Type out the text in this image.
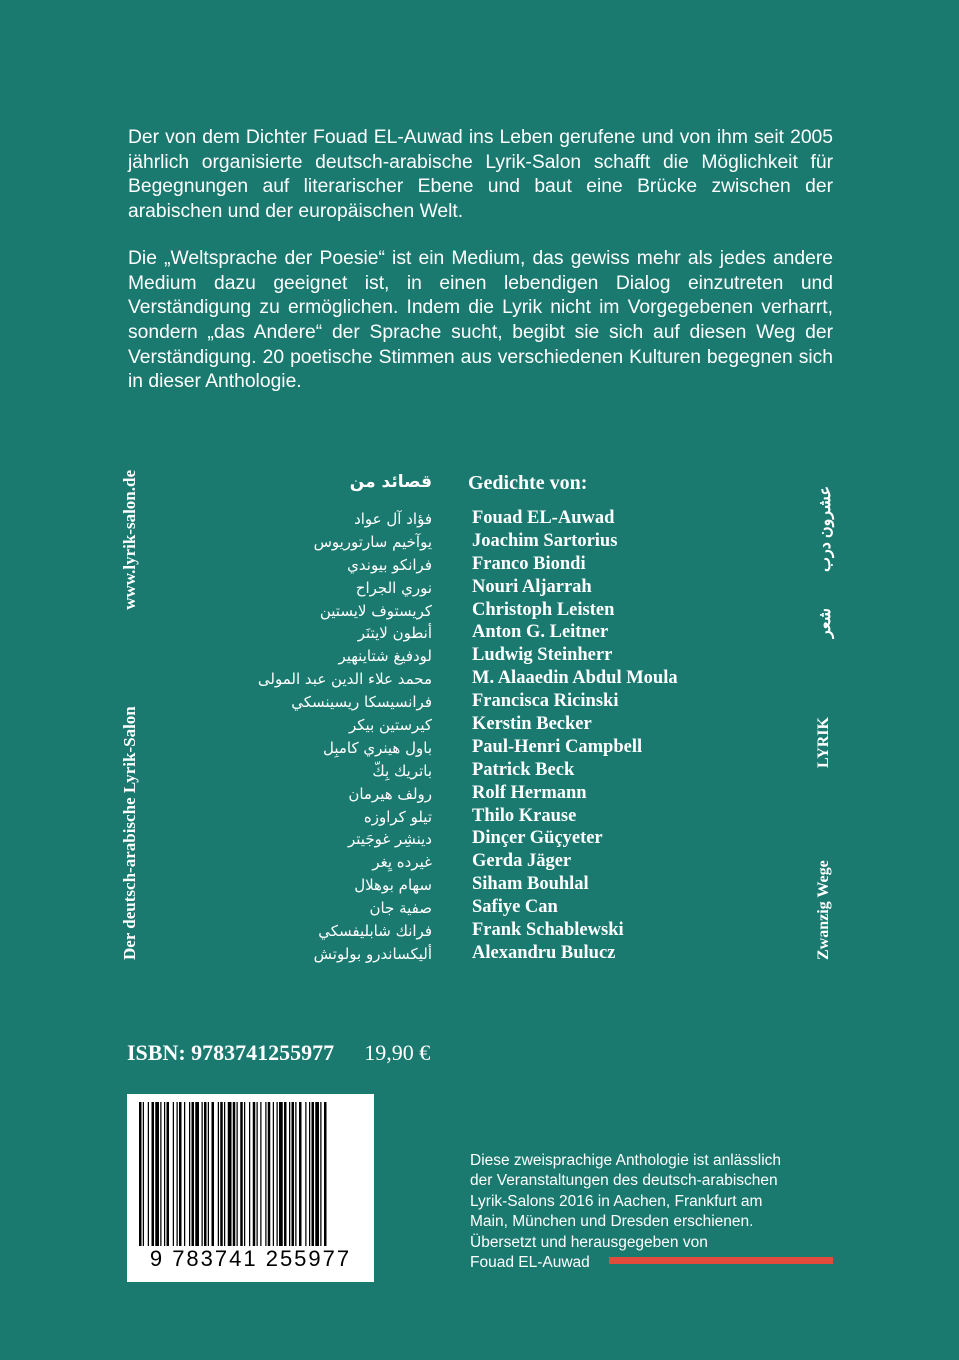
Der von dem Dichter Fouad EL-Auwad ins Leben gerufene und von ihm seit 2005 jährlich organisierte deutsch-arabische Lyrik-Salon schafft die Möglichkeit für Begegnungen auf literarischer Ebene und baut eine Brücke zwischen der arabischen und der europäischen Welt.

Die „Weltsprache der Poesie“ ist ein Medium, das gewiss mehr als jedes andere Medium dazu geeignet ist, in einen lebendigen Dialog einzutreten und Verständigung zu ermöglichen. Indem die Lyrik nicht im Vorgegebenen verharrt, sondern „das Andere“ der Sprache sucht, begibt sie sich auf diesen Weg der Verständigung. 20 poetische Stimmen aus verschiedenen Kulturen begegnen sich in dieser Anthologie.

Der deutsch-arabische Lyrik-Salon
www.lyrik-salon.de
Zwanzig Wege
LYRIK
شعر
عشرون درب
قصائد من
فؤاد آل عواد
يوآخيم سارتوريوس
فرانكو بيوندي
نوري الجراح
كريستوف لايستين
أنطون لايتنَر
لودفيغ شتاينهير
محمد علاء الدين عبد المولى
فرانسيسكا ريسينسكي
كيرستين بيكر
باول هينري كامبِل
باتريك بِكّ
رولف هيرمان
تيلو كراوزه
دينشِر غوجَيتر
غيرده يِغر
سهام بوهلال
صفية جان
فرانك شابليفسكي
أليكساندرو بولوتش
Gedichte von:
Fouad EL-Auwad
Joachim Sartorius
Franco Biondi
Nouri Aljarrah
Christoph Leisten
Anton G. Leitner
Ludwig Steinherr
M. Alaaedin Abdul Moula
Francisca Ricinski
Kerstin Becker
Paul-Henri Campbell
Patrick Beck
Rolf Hermann
Thilo Krause
Dinçer Güçyeter
Gerda Jäger
Siham Bouhlal
Safiye Can
Frank Schablewski
Alexandru Bulucz
ISBN: 9783741255977 19,90 €
9 783741 255977
Diese zweisprachige Anthologie ist anlässlich
der Veranstaltungen des deutsch-arabischen
Lyrik-Salons 2016 in Aachen, Frankfurt am
Main, München und Dresden erschienen.
Übersetzt und herausgegeben von
Fouad EL-Auwad
